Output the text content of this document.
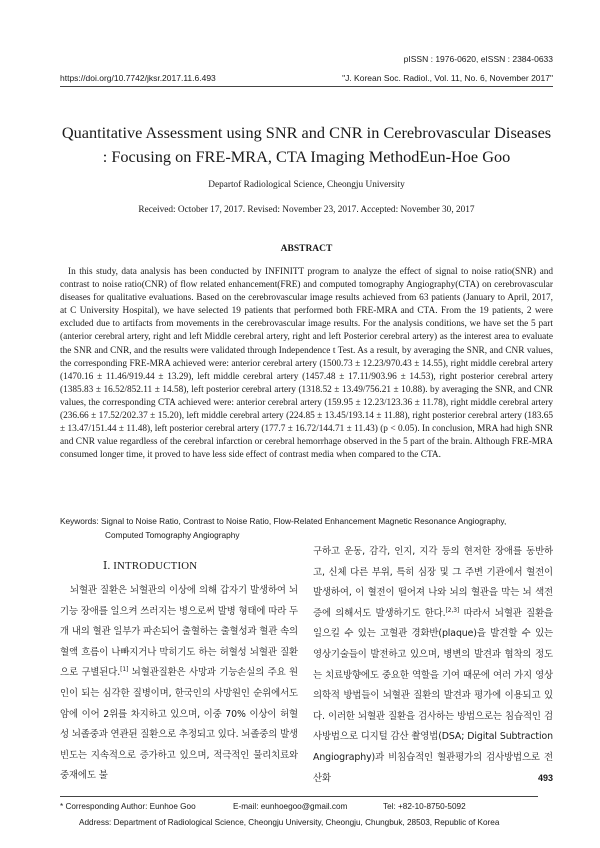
pISSN : 1976-0620, eISSN : 2384-0633
https://doi.org/10.7742/jksr.2017.11.6.493	"J. Korean Soc. Radiol., Vol. 11, No. 6, November 2017"
Quantitative Assessment using SNR and CNR in Cerebrovascular Diseases : Focusing on FRE-MRA, CTA Imaging MethodEun-Hoe Goo
Departof Radiological Science, Cheongju University
Received: October 17, 2017. Revised: November 23, 2017. Accepted: November 30, 2017
ABSTRACT

In this study, data analysis has been conducted by INFINITT program to analyze the effect of signal to noise ratio(SNR) and contrast to noise ratio(CNR) of flow related enhancement(FRE) and computed tomography Angiography(CTA) on cerebrovascular diseases for qualitative evaluations. Based on the cerebrovascular image results achieved from 63 patients (January to April, 2017, at C University Hospital), we have selected 19 patients that performed both FRE-MRA and CTA. From the 19 patients, 2 were excluded due to artifacts from movements in the cerebrovascular image results. For the analysis conditions, we have set the 5 part (anterior cerebral artery, right and left Middle cerebral artery, right and left Posterior cerebral artery) as the interest area to evaluate the SNR and CNR, and the results were validated through Independence t Test. As a result, by averaging the SNR, and CNR values, the corresponding FRE-MRA achieved were: anterior cerebral artery (1500.73 ± 12.23/970.43 ± 14.55), right middle cerebral artery (1470.16 ± 11.46/919.44 ± 13.29), left middle cerebral artery (1457.48 ± 17.11/903.96 ± 14.53), right posterior cerebral artery (1385.83 ± 16.52/852.11 ± 14.58), left posterior cerebral artery (1318.52 ± 13.49/756.21 ± 10.88). by averaging the SNR, and CNR values, the corresponding CTA achieved were: anterior cerebral artery (159.95 ± 12.23/123.36 ± 11.78), right middle cerebral artery (236.66 ± 17.52/202.37 ± 15.20), left middle cerebral artery (224.85 ± 13.45/193.14 ± 11.88), right posterior cerebral artery (183.65 ± 13.47/151.44 ± 11.48), left posterior cerebral artery (177.7 ± 16.72/144.71 ± 11.43) (p < 0.05). In conclusion, MRA had high SNR and CNR value regardless of the cerebral infarction or cerebral hemorrhage observed in the 5 part of the brain. Although FRE-MRA consumed longer time, it proved to have less side effect of contrast media when compared to the CTA.

Keywords: Signal to Noise Ratio, Contrast to Noise Ratio, Flow-Related Enhancement Magnetic Resonance Angiography,
Computed Tomography Angiography
Ⅰ. INTRODUCTION
뇌혈관 질환은 뇌혈관의 이상에 의해 갑자기 발생하여 뇌 기능 장애를 일으켜 쓰러지는 병으로써 발병 형태에 따라 두개 내의 혈관 일부가 파손되어 출혈하는 출혈성과 혈관 속의 혈액 흐름이 나빠지거나 막히기도 하는 허혈성 뇌혈관 질환으로 구별된다.[1] 뇌혈관질환은 사망과 기능손실의 주요 원인이 되는 심각한 질병이며, 한국인의 사망원인 순위에서도 암에 이어 2위를 차지하고 있으며, 이중 70% 이상이 허혈성 뇌졸중과 연관된 질환으로 추정되고 있다. 뇌졸중의 발생 빈도는 지속적으로 증가하고 있으며, 적극적인 물리치료와 중재에도 불
구하고 운동, 감각, 인지, 지각 등의 현저한 장애를 동반하고, 신체 다른 부위, 특히 심장 및 그 주변 기관에서 혈전이 발생하여, 이 혈전이 떨어져 나와 뇌의 혈관을 막는 뇌 색전증에 의해서도 발생하기도 한다.[2,3] 따라서 뇌혈관 질환을 일으킬 수 있는 고혈관 경화반(plaque)을 발견할 수 있는 영상기술들이 발전하고 있으며, 병변의 발견과 협착의 정도는 치료방향에도 중요한 역할을 기여 때문에 여러 가지 영상 의학적 방법들이 뇌혈관 질환의 발견과 평가에 이용되고 있다. 이러한 뇌혈관 질환을 검사하는 방법으로는 침습적인 검사방법으로 디지털 감산 촬영법(DSA; Digital Subtraction Angiography)과 비침습적인 혈관평가의 검사방법으로 전산화	493
* Corresponding Author: Eunhoe Goo	E-mail: eunhoegoo@gmail.com	Tel: +82-10-8750-5092
Address: Department of Radiological Science, Cheongju University, Cheongju, Chungbuk, 28503, Republic of Korea
